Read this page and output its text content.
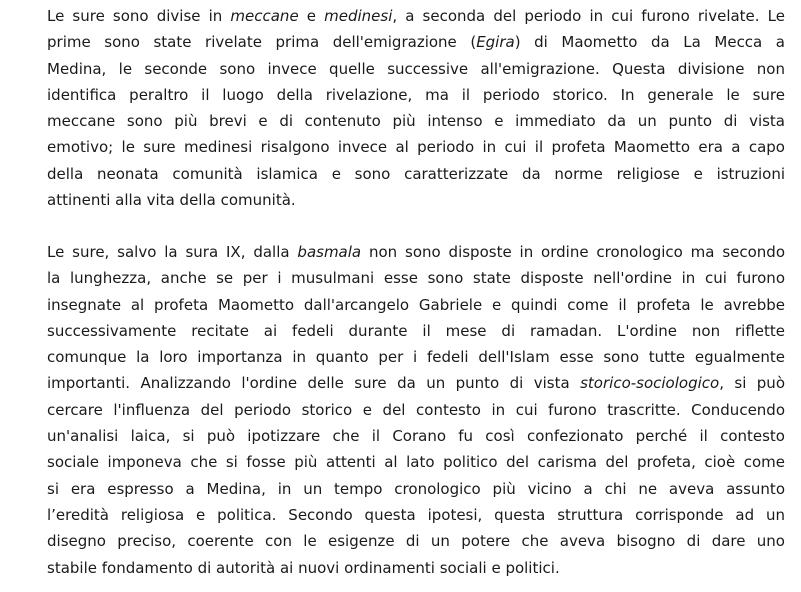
Le sure sono divise in meccane e medinesi, a seconda del periodo in cui furono rivelate. Le
prime sono state rivelate prima dell'emigrazione (Egira) di Maometto da La Mecca a
Medina, le seconde sono invece quelle successive all'emigrazione. Questa divisione non
identifica peraltro il luogo della rivelazione, ma il periodo storico. In generale le sure
meccane sono più brevi e di contenuto più intenso e immediato da un punto di vista
emotivo; le sure medinesi risalgono invece al periodo in cui il profeta Maometto era a capo
della neonata comunità islamica e sono caratterizzate da norme religiose e istruzioni
attinenti alla vita della comunità.

Le sure, salvo la sura IX, dalla basmala non sono disposte in ordine cronologico ma secondo
la lunghezza, anche se per i musulmani esse sono state disposte nell'ordine in cui furono
insegnate al profeta Maometto dall'arcangelo Gabriele e quindi come il profeta le avrebbe
successivamente recitate ai fedeli durante il mese di ramadan. L'ordine non riflette
comunque la loro importanza in quanto per i fedeli dell'Islam esse sono tutte egualmente
importanti. Analizzando l'ordine delle sure da un punto di vista storico-sociologico, si può
cercare l'influenza del periodo storico e del contesto in cui furono trascritte. Conducendo
un'analisi laica, si può ipotizzare che il Corano fu così confezionato perché il contesto
sociale imponeva che si fosse più attenti al lato politico del carisma del profeta, cioè come
si era espresso a Medina, in un tempo cronologico più vicino a chi ne aveva assunto
l’eredità religiosa e politica. Secondo questa ipotesi, questa struttura corrisponde ad un
disegno preciso, coerente con le esigenze di un potere che aveva bisogno di dare uno
stabile fondamento di autorità ai nuovi ordinamenti sociali e politici.
